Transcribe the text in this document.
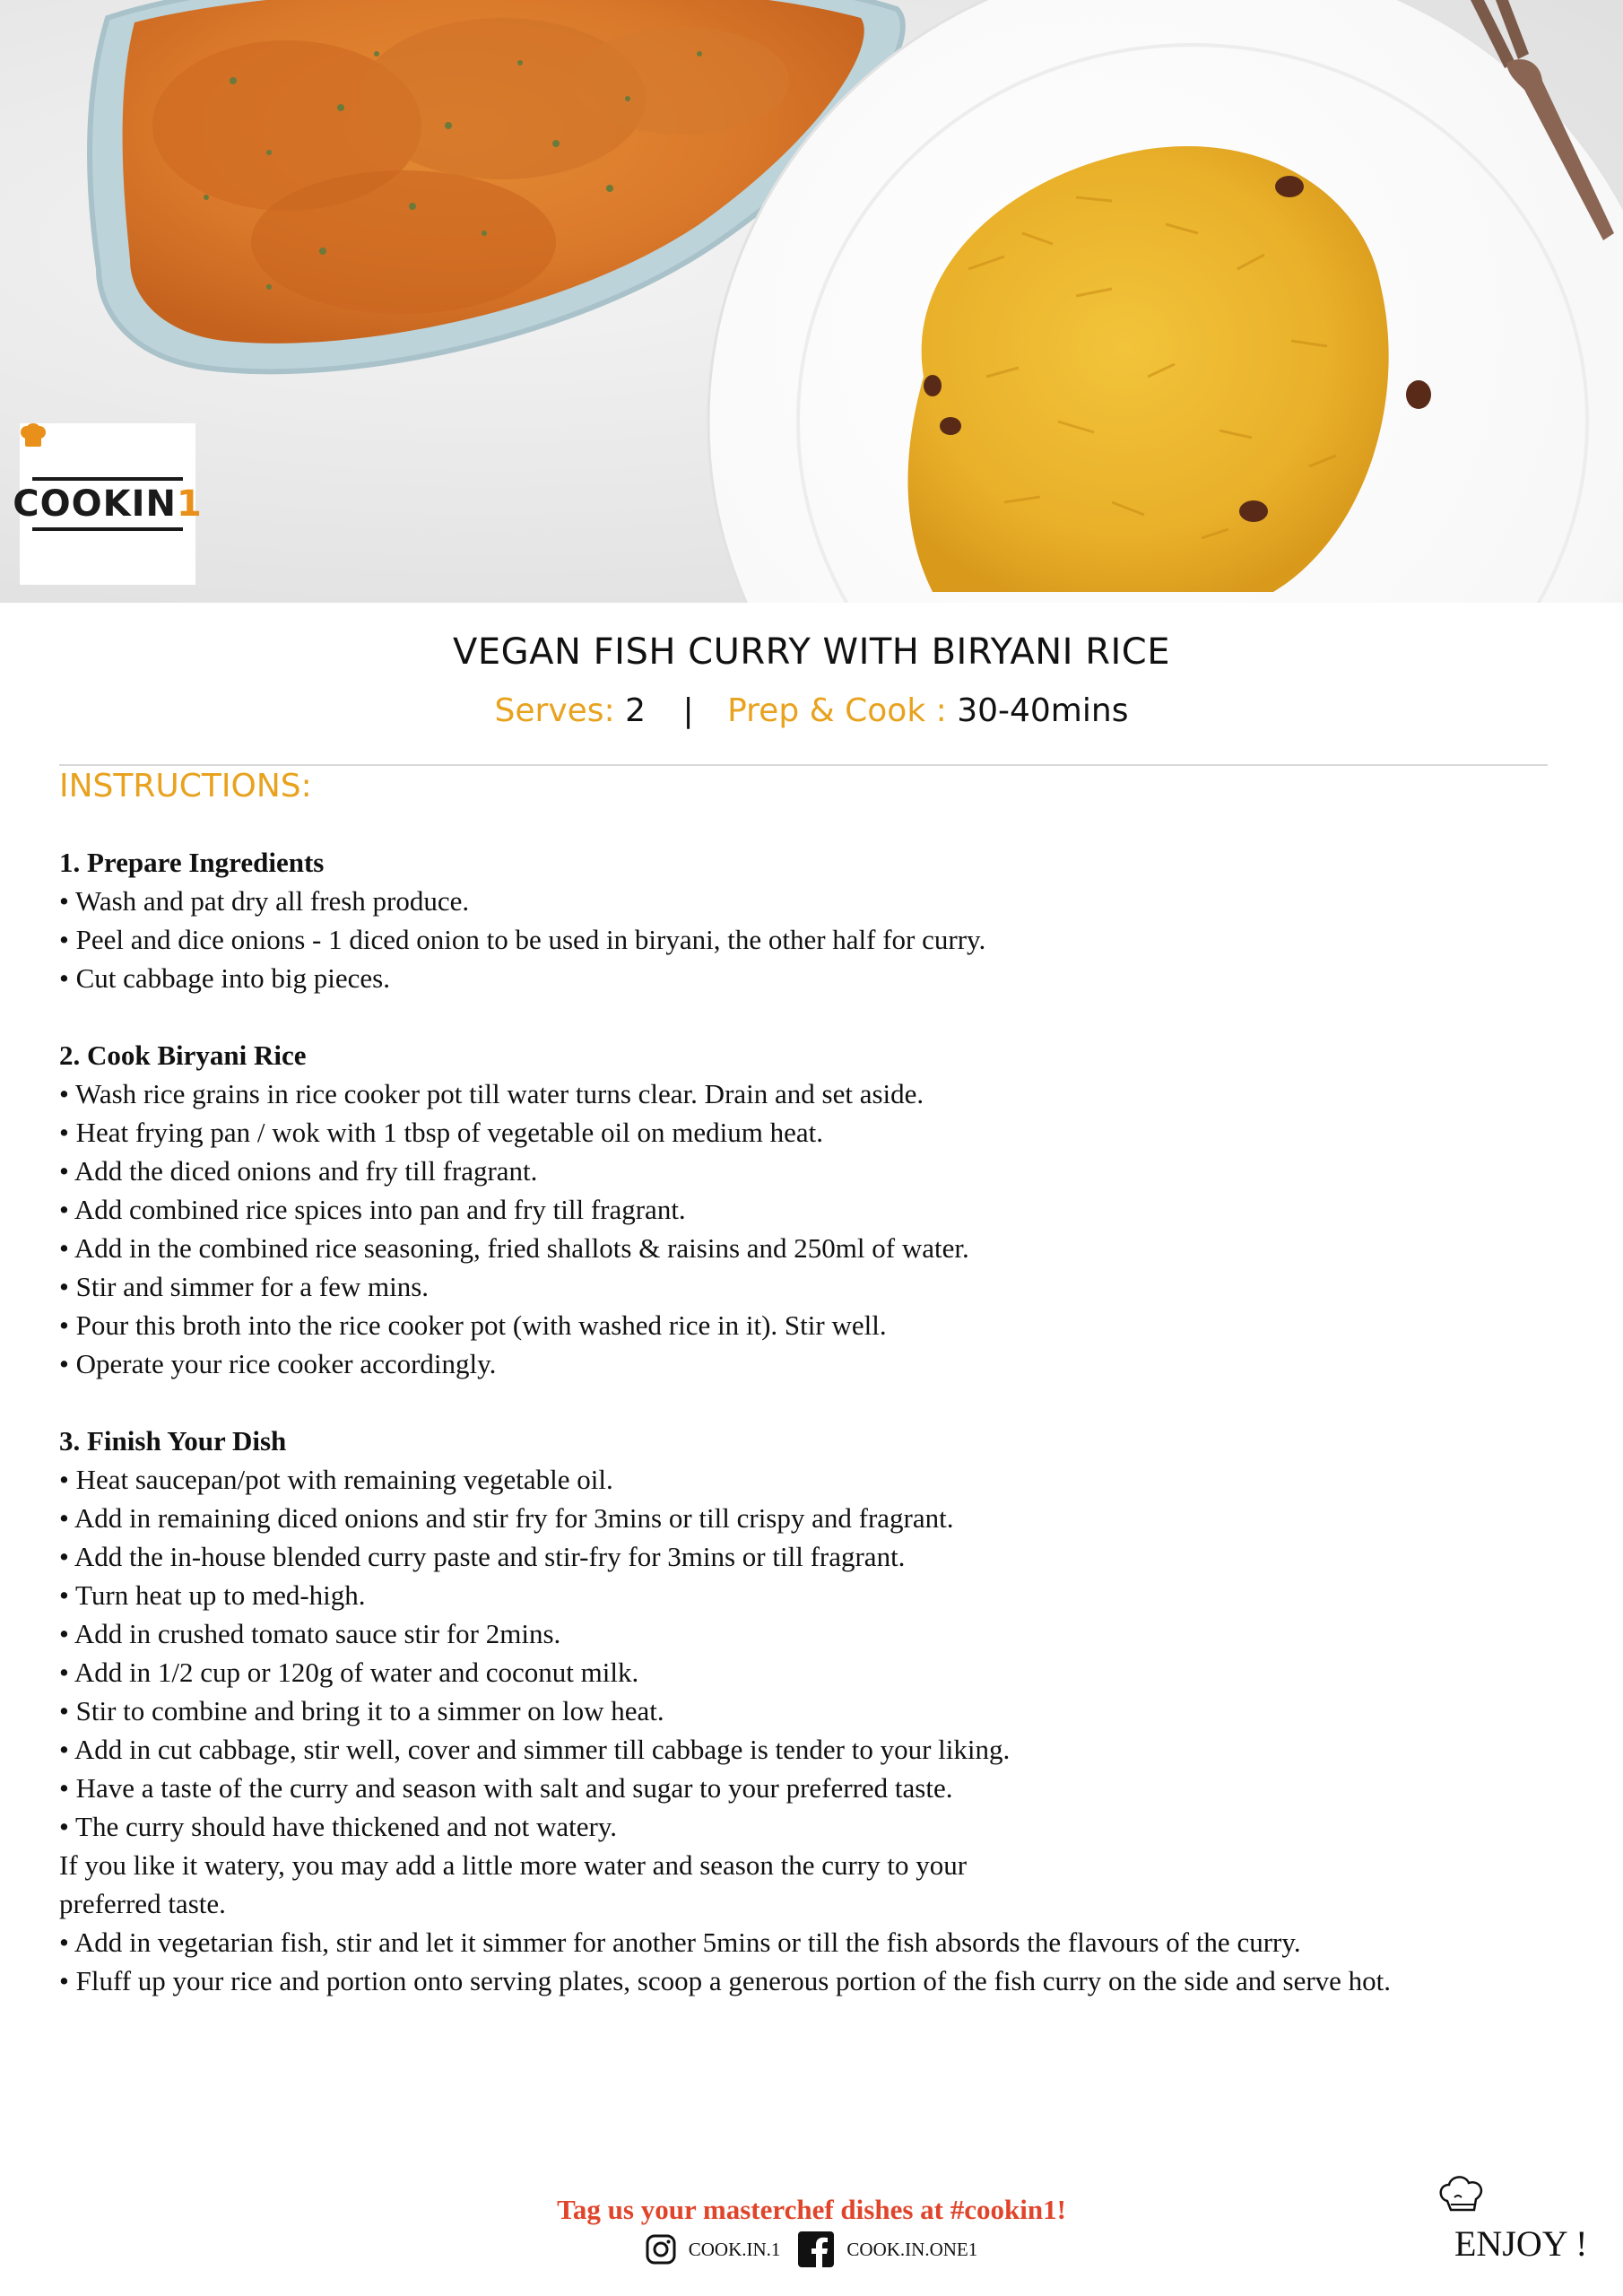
COOKIN1
VEGAN FISH CURRY WITH BIRYANI RICE
Serves: 2 | Prep & Cook : 30-40mins
INSTRUCTIONS:
1. Prepare Ingredients
• Wash and pat dry all fresh produce.
• Peel and dice onions - 1 diced onion to be used in biryani, the other half for curry.
• Cut cabbage into big pieces.
2. Cook Biryani Rice
• Wash rice grains in rice cooker pot till water turns clear. Drain and set aside.
• Heat frying pan / wok with 1 tbsp of vegetable oil on medium heat.
• Add the diced onions and fry till fragrant.
• Add combined rice spices into pan and fry till fragrant.
• Add in the combined rice seasoning, fried shallots & raisins and 250ml of water.
• Stir and simmer for a few mins.
• Pour this broth into the rice cooker pot (with washed rice in it). Stir well.
• Operate your rice cooker accordingly.
3. Finish Your Dish
• Heat saucepan/pot with remaining vegetable oil.
• Add in remaining diced onions and stir fry for 3mins or till crispy and fragrant.
• Add the in-house blended curry paste and stir-fry for 3mins or till fragrant.
• Turn heat up to med-high.
• Add in crushed tomato sauce stir for 2mins.
• Add in 1/2 cup or 120g of water and coconut milk.
• Stir to combine and bring it to a simmer on low heat.
• Add in cut cabbage, stir well, cover and simmer till cabbage is tender to your liking.
• Have a taste of the curry and season with salt and sugar to your preferred taste.
• The curry should have thickened and not watery.
If you like it watery, you may add a little more water and season the curry to your
preferred taste.
• Add in vegetarian fish, stir and let it simmer for another 5mins or till the fish absords the flavours of the curry.
• Fluff up your rice and portion onto serving plates, scoop a generous portion of the fish curry on the side and serve hot.
Tag us your masterchef dishes at #cookin1!
COOK.IN.1	COOK.IN.ONE1	ENJOY !
